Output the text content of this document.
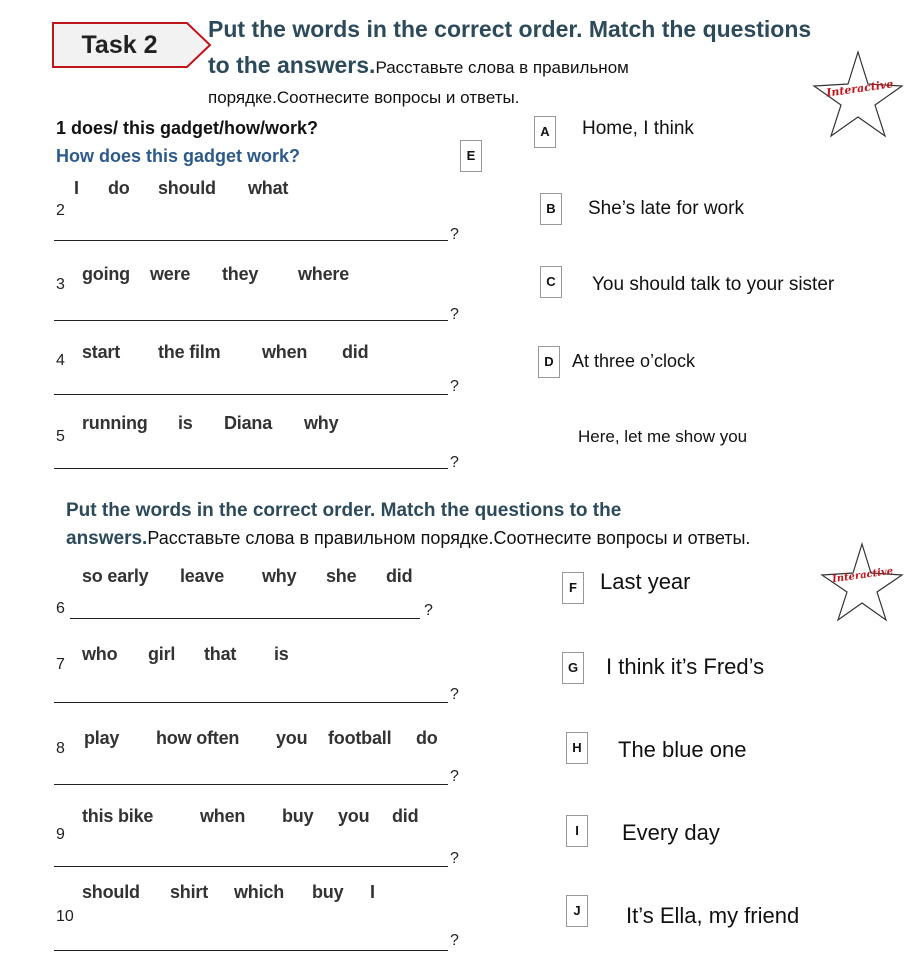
Task 2
Put the words in the correct order. Match the questions
to the answers.Расставьте слова в правильном
порядке.Соотнесите вопросы и ответы.	Interactive
1 does/ this gadget/how/work?
How does this gadget work?	E
A	Home, I think
B	She’s late for work
C	You should talk to your sister
D	At three o’clock
Here, let me show you
2
I do should what
?
3
going were they where
?
4 start the film when did
?
5
running is Diana why
?
Put the words in the correct order. Match the questions to the
answers.Расставьте слова в правильном порядке.Соотнесите вопросы и ответы.
Interactive
F	Last year
G I think it’s Fred’s
H The blue one
I	Every day
J	It’s Ella, my friend
so early leave why she did
6	?
7
who girl that is
?
8
play how often you football do
?
9
this bike	when buy you did
?
10
should shirt which buy I
?
